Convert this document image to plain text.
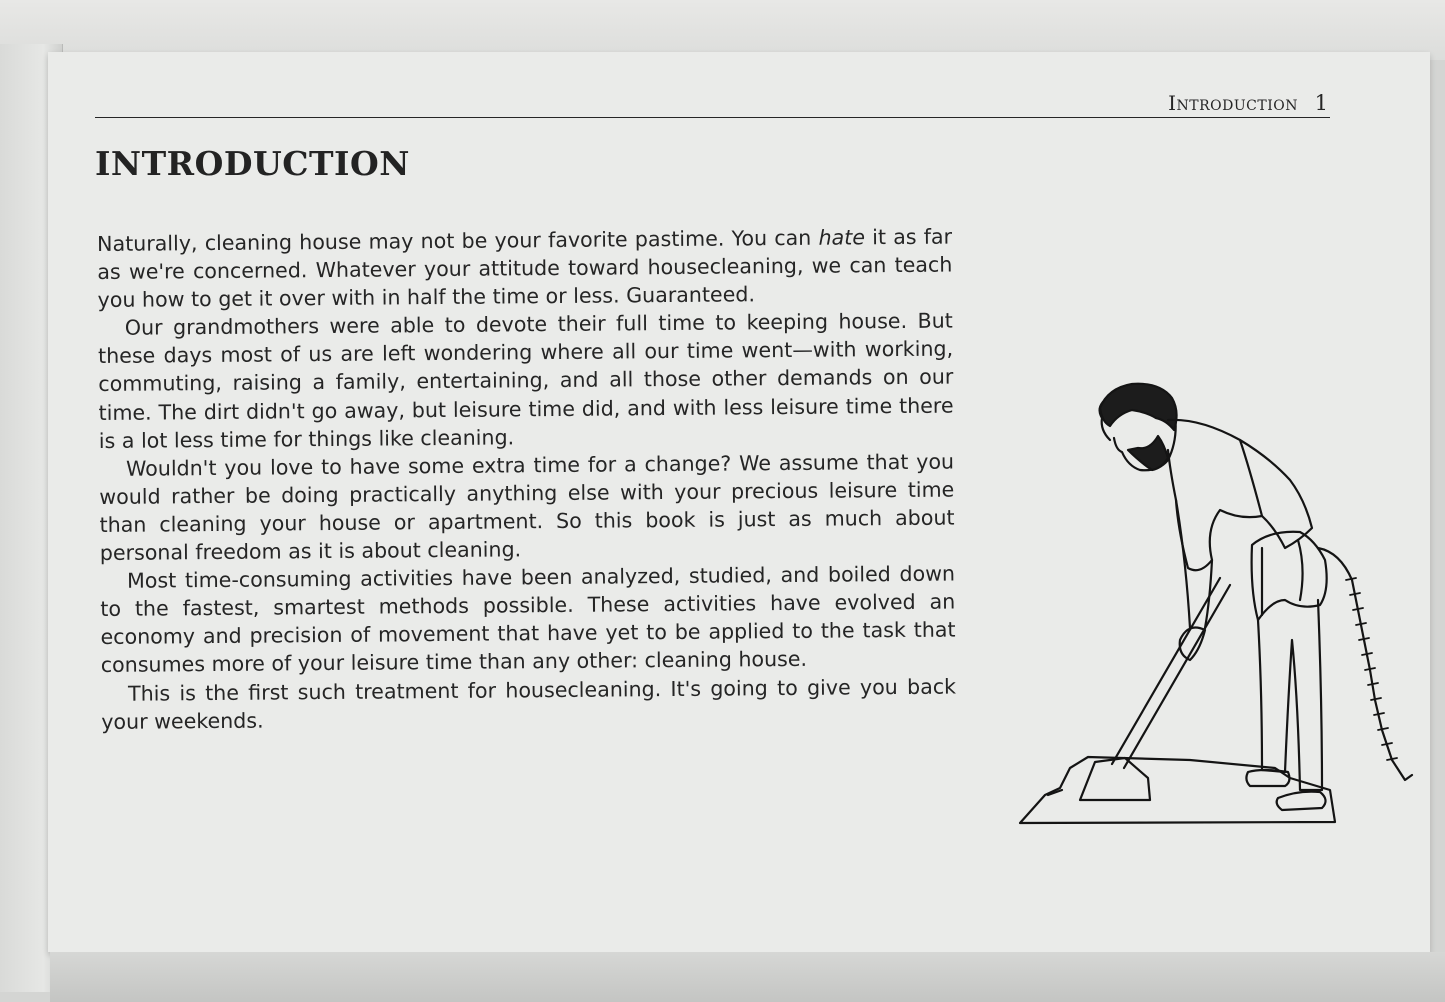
Introduction 1
INTRODUCTION

Naturally, cleaning house may not be your favorite pastime. You can hate it as far as we're concerned. Whatever your attitude toward housecleaning, we can teach you how to get it over with in half the time or less. Guaranteed.

Our grandmothers were able to devote their full time to keeping house. But these days most of us are left wondering where all our time went—with working, commuting, raising a family, entertaining, and all those other demands on our time. The dirt didn't go away, but leisure time did, and with less leisure time there is a lot less time for things like cleaning.

Wouldn't you love to have some extra time for a change? We assume that you would rather be doing practically anything else with your precious leisure time than cleaning your house or apartment. So this book is just as much about personal freedom as it is about cleaning.

Most time-consuming activities have been analyzed, studied, and boiled down to the fastest, smartest methods possible. These activities have evolved an economy and precision of movement that have yet to be applied to the task that consumes more of your leisure time than any other: cleaning house.

This is the first such treatment for housecleaning. It's going to give you back your weekends.
